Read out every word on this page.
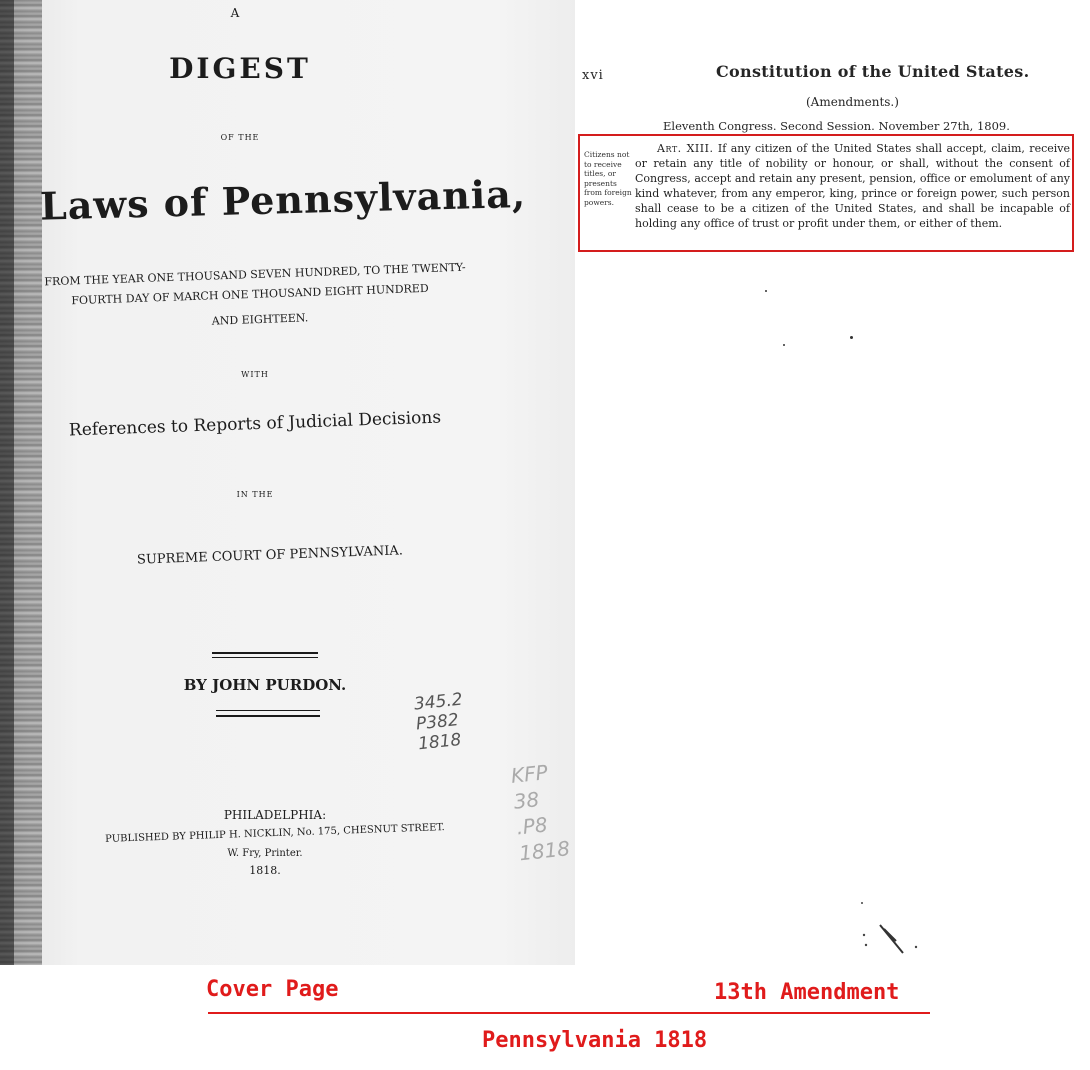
A
DIGEST
OF THE
Laws of Pennsylvania,
FROM THE YEAR ONE THOUSAND SEVEN HUNDRED, TO THE TWENTY-
FOURTH DAY OF MARCH ONE THOUSAND EIGHT HUNDRED
AND EIGHTEEN.
WITH
References to Reports of Judicial Decisions
IN THE
SUPREME COURT OF PENNSYLVANIA.
BY JOHN PURDON.
345.2
P382
1818
KFP
38
.P8
1818
PHILADELPHIA:
PUBLISHED BY PHILIP H. NICKLIN, No. 175, CHESNUT STREET.
W. Fry, Printer.
1818.
xvi	Constitution of the United States.
(Amendments.)
Eleventh Congress. Second Session. November 27th, 1809.
Citizens not to receive titles, or presents from foreign powers.
Art. XIII. If any citizen of the United States shall accept, claim, receive or retain any title of nobility or honour, or shall, without the consent of Congress, accept and retain any present, pension, office or emolument of any kind whatever, from any emperor, king, prince or foreign power, such person shall cease to be a citizen of the United States, and shall be incapable of holding any office of trust or profit under them, or either of them.
Cover Page	13th Amendment
Pennsylvania 1818
